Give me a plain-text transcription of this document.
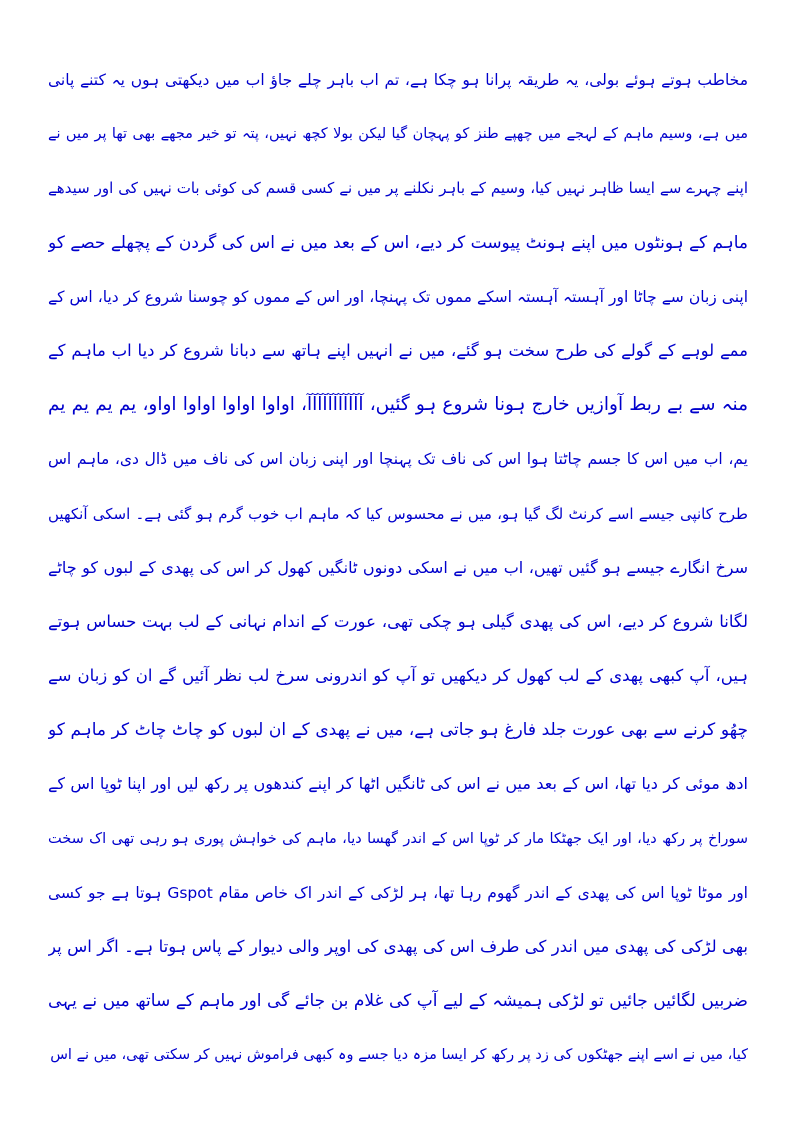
مخاطب ہوتے ہوئے بولی، یہ طریقہ پرانا ہو چکا ہے، تم اب باہر چلے جاؤ اب میں دیکھتی ہوں یہ کتنے پانی
میں ہے، وسیم ماہم کے لہجے میں چھپے طنز کو پہچان گیا لیکن بولا کچھ نہیں، پتہ تو خیر مجھے بھی تھا پر میں نے
اپنے چہرے سے ایسا ظاہر نہیں کیا، وسیم کے باہر نکلنے پر میں نے کسی قسم کی کوئی بات نہیں کی اور سیدھے
ماہم کے ہونٹوں میں اپنے ہونٹ پیوست کر دیے، اس کے بعد میں نے اس کی گردن کے پچھلے حصے کو
اپنی زبان سے چاٹا اور آہستہ آہستہ اسکے مموں تک پہنچا، اور اس کے مموں کو چوسنا شروع کر دیا، اس کے
ممے لوہے کے گولے کی طرح سخت ہو گئے، میں نے انہیں اپنے ہاتھ سے دبانا شروع کر دیا اب ماہم کے
منہ سے بے ربط آوازیں خارج ہونا شروع ہو گئیں، آآآآآآآآآآآ، اواوا اواوا اواوا اواو، یم یم یم یم
یم، اب میں اس کا جسم چاٹتا ہوا اس کی ناف تک پہنچا اور اپنی زبان اس کی ناف میں ڈال دی، ماہم اس
طرح کانپی جیسے اسے کرنٹ لگ گیا ہو، میں نے محسوس کیا کہ ماہم اب خوب گرم ہو گئی ہے۔ اسکی آنکھیں
سرخ انگارے جیسے ہو گئیں تھیں، اب میں نے اسکی دونوں ٹانگیں کھول کر اس کی پھدی کے لبوں کو چاٹے
لگانا شروع کر دیے، اس کی پھدی گیلی ہو چکی تھی، عورت کے اندام نہانی کے لب بہت حساس ہوتے
ہیں، آپ کبھی پھدی کے لب کھول کر دیکھیں تو آپ کو اندرونی سرخ لب نظر آئیں گے ان کو زبان سے
چھُو کرنے سے بھی عورت جلد فارغ ہو جاتی ہے، میں نے پھدی کے ان لبوں کو چاٹ چاٹ کر ماہم کو
ادھ موئی کر دیا تھا، اس کے بعد میں نے اس کی ٹانگیں اٹھا کر اپنے کندھوں پر رکھ لیں اور اپنا ٹوپا اس کے
سوراخ پر رکھ دیا، اور ایک جھٹکا مار کر ٹوپا اس کے اندر گھسا دیا، ماہم کی خواہش پوری ہو رہی تھی اک سخت
اور موٹا ٹوپا اس کی پھدی کے اندر گھوم رہا تھا، ہر لڑکی کے اندر اک خاص مقام Gspot ہوتا ہے جو کسی
بھی لڑکی کی پھدی میں اندر کی طرف اس کی پھدی کی اوپر والی دیوار کے پاس ہوتا ہے۔ اگر اس پر
ضربیں لگائیں جائیں تو لڑکی ہمیشہ کے لیے آپ کی غلام بن جائے گی اور ماہم کے ساتھ میں نے یہی
کیا، میں نے اسے اپنے جھٹکوں کی زد پر رکھ کر ایسا مزہ دیا جسے وہ کبھی فراموش نہیں کر سکتی تھی، میں نے اس
